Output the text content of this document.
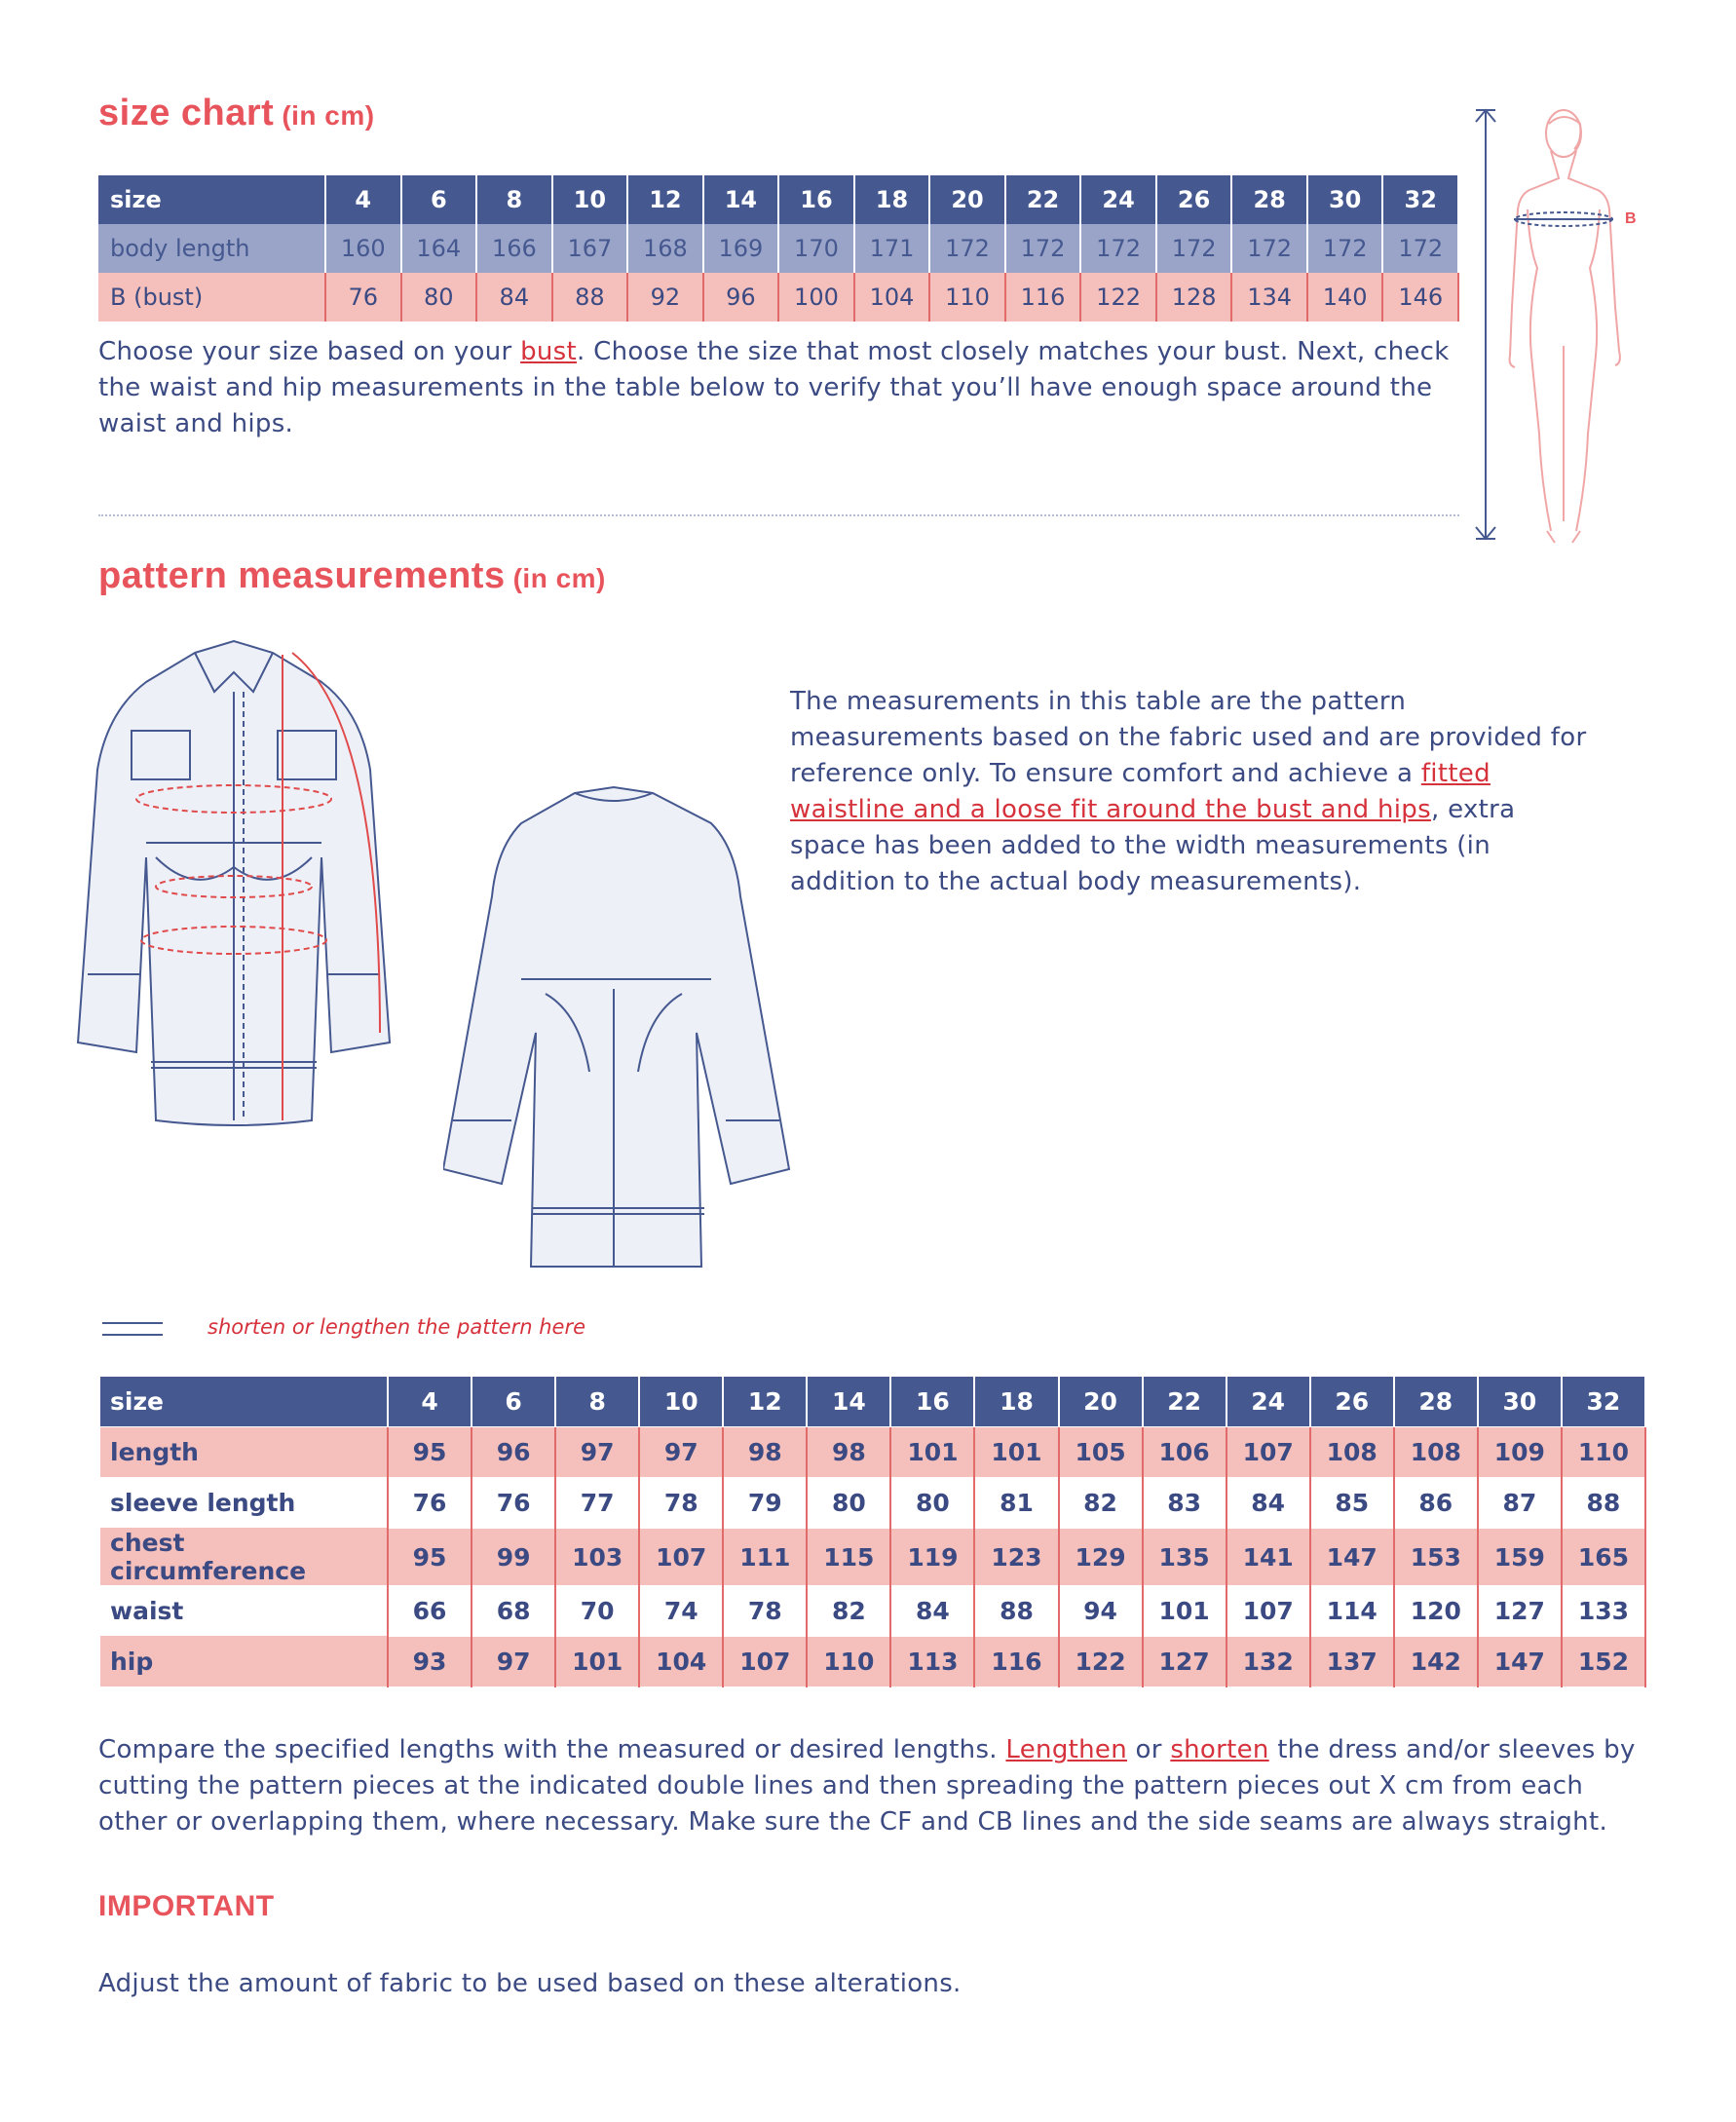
size chart (in cm)
size	4	6	8	10	12	14	16	18	20	22	24	26	28	30	32
body length	160	164	166	167	168	169	170	171	172	172	172	172	172	172	172
B (bust)	76	80	84	88	92	96	100	104	110	116	122	128	134	140	146
Choose your size based on your bust. Choose the size that most closely matches your bust. Next, check the waist and hip measurements in the table below to verify that you’ll have enough space around the waist and hips.
B
pattern measurements (in cm)
The measurements in this table are the pattern measurements based on the fabric used and are provided for reference only. To ensure comfort and achieve a fitted waistline and a loose fit around the bust and hips, extra space has been added to the width measurements (in addition to the actual body measurements).
shorten or lengthen the pattern here
size	4	6	8	10	12	14	16	18	20	22	24	26	28	30	32
length	95	96	97	97	98	98	101	101	105	106	107	108	108	109	110
sleeve length	76	76	77	78	79	80	80	81	82	83	84	85	86	87	88
chest circumference	95	99	103	107	111	115	119	123	129	135	141	147	153	159	165
waist	66	68	70	74	78	82	84	88	94	101	107	114	120	127	133
hip	93	97	101	104	107	110	113	116	122	127	132	137	142	147	152
Compare the specified lengths with the measured or desired lengths. Lengthen or shorten the dress and/or sleeves by cutting the pattern pieces at the indicated double lines and then spreading the pattern pieces out X cm from each other or overlapping them, where necessary. Make sure the CF and CB lines and the side seams are always straight.
IMPORTANT
Adjust the amount of fabric to be used based on these alterations.
